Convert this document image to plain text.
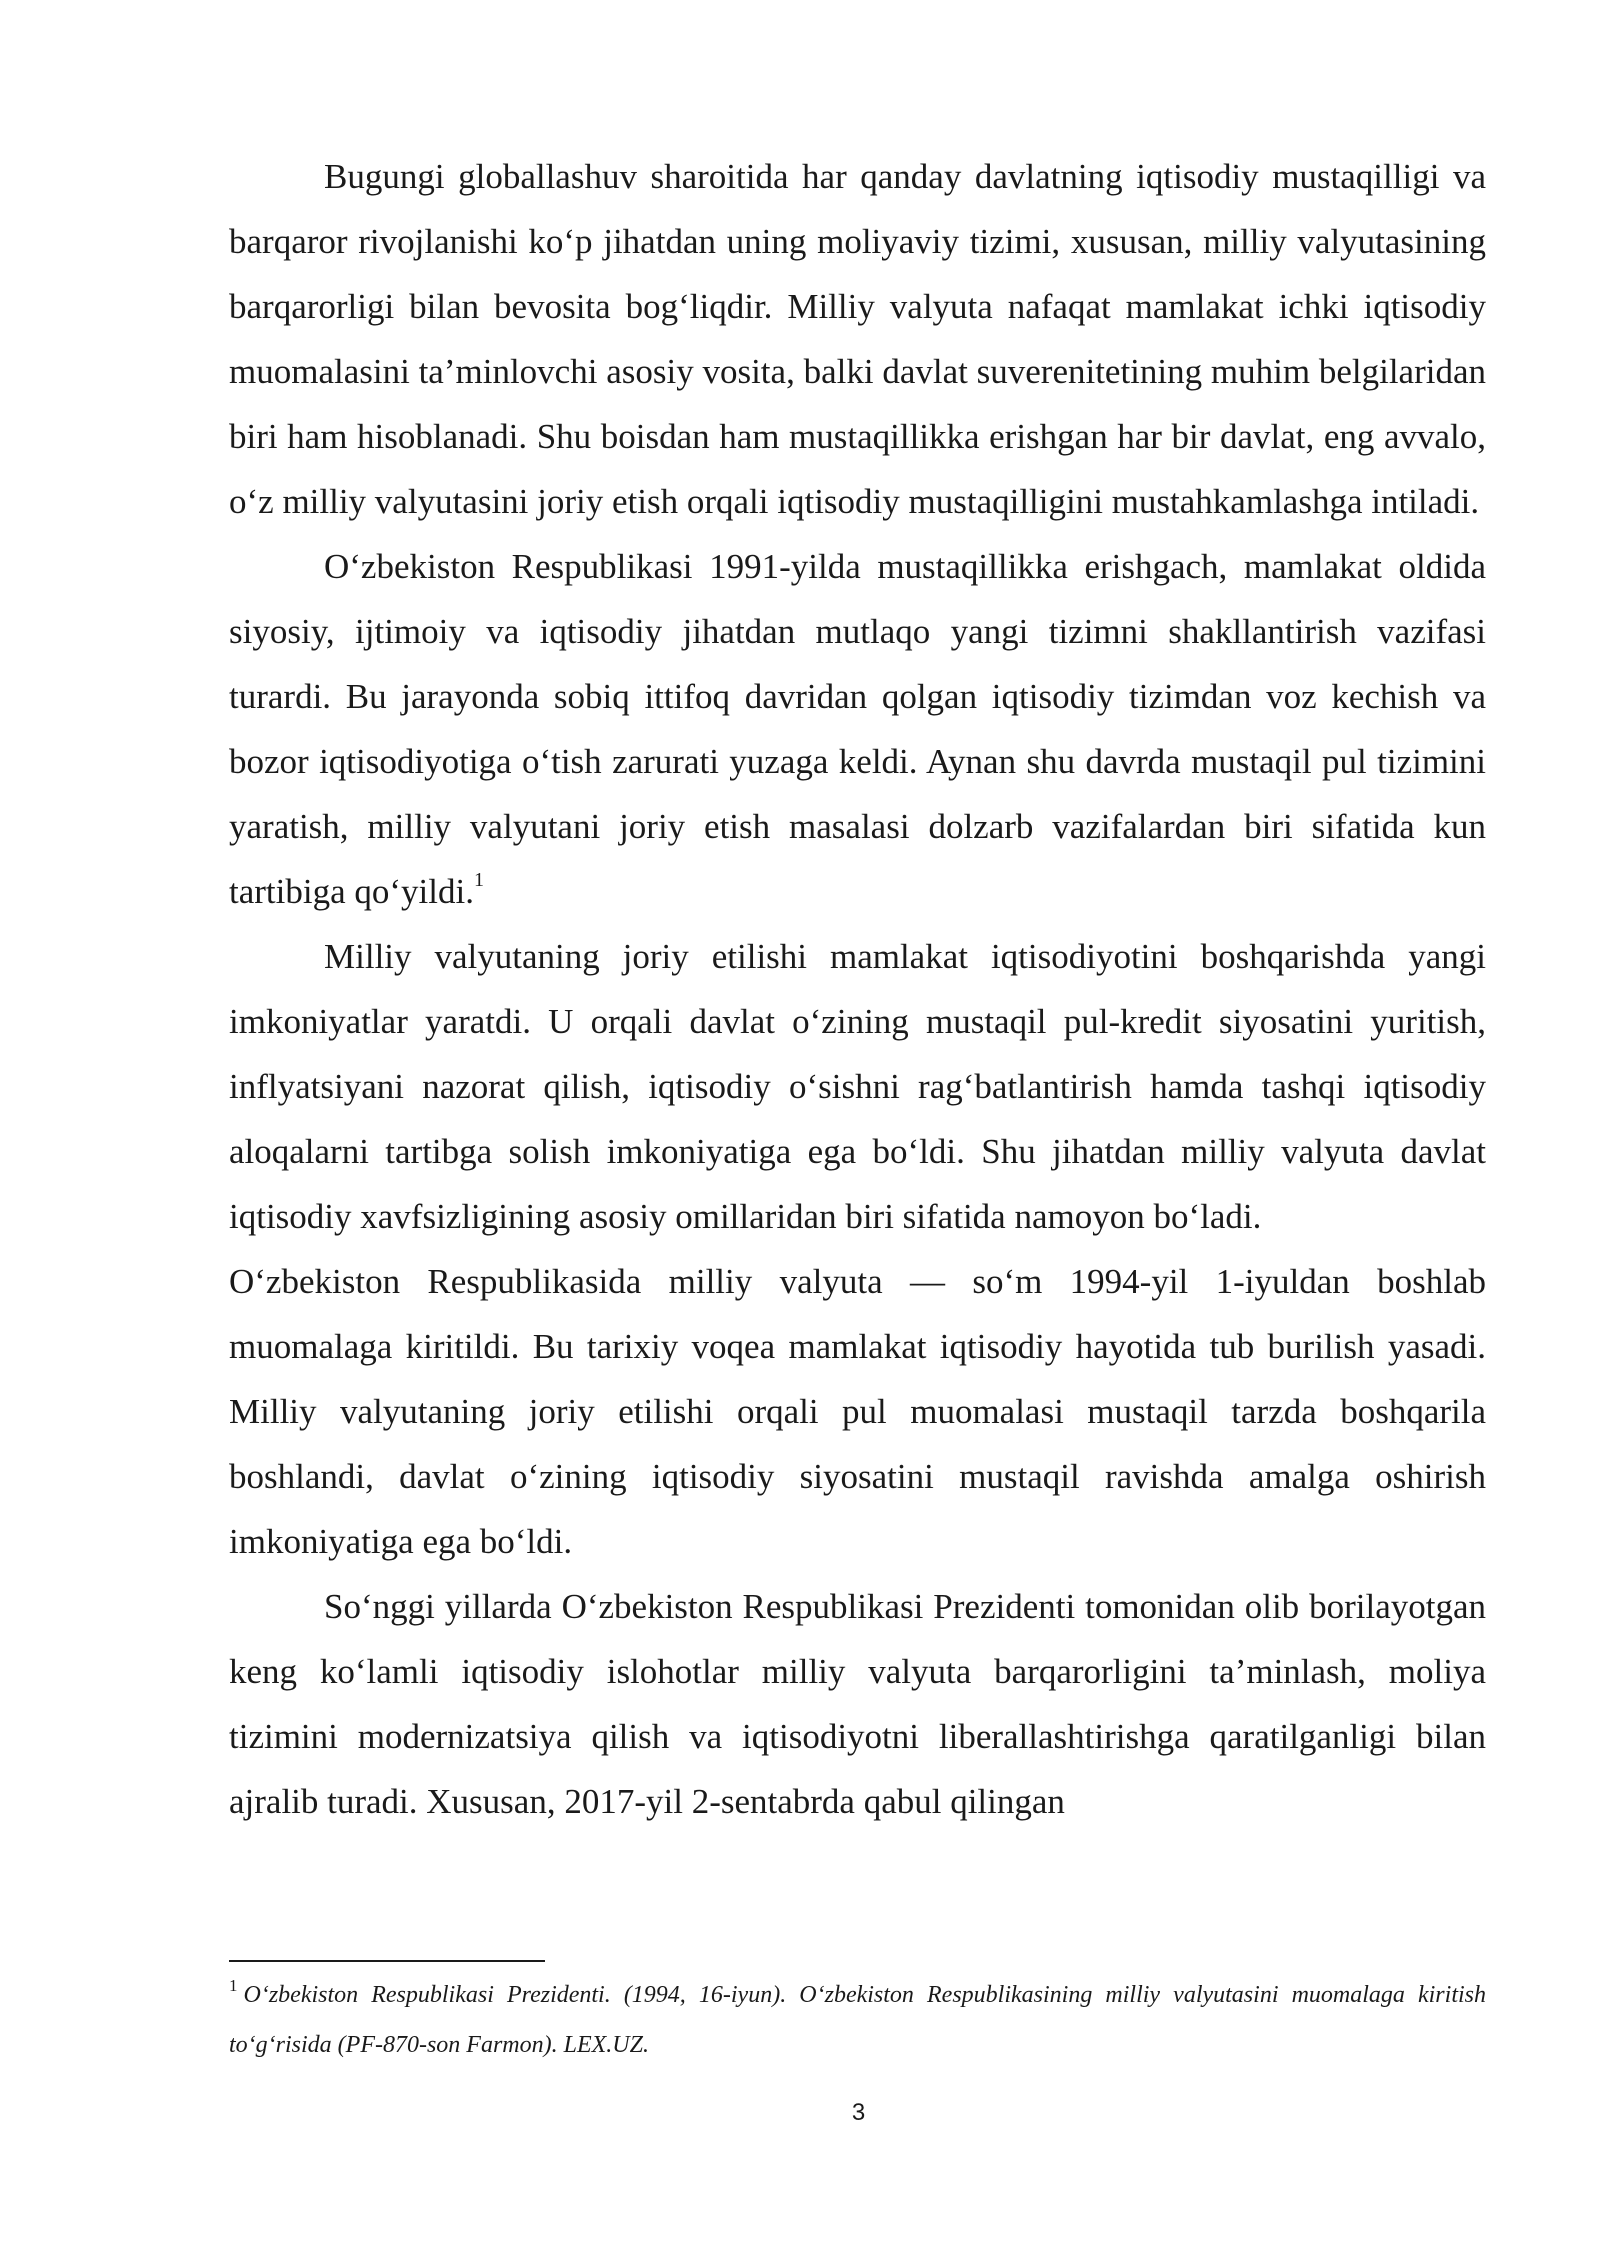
Bugungi globallashuv sharoitida har qanday davlatning iqtisodiy mustaqilligi va barqaror rivojlanishi ko‘p jihatdan uning moliyaviy tizimi, xususan, milliy valyutasining barqarorligi bilan bevosita bog‘liqdir. Milliy valyuta nafaqat mamlakat ichki iqtisodiy muomalasini ta’minlovchi asosiy vosita, balki davlat suverenitetining muhim belgilaridan biri ham hisoblanadi. Shu boisdan ham mustaqillikka erishgan har bir davlat, eng avvalo, o‘z milliy valyutasini joriy etish orqali iqtisodiy mustaqilligini mustahkamlashga intiladi.

O‘zbekiston Respublikasi 1991-yilda mustaqillikka erishgach, mamlakat oldida siyosiy, ijtimoiy va iqtisodiy jihatdan mutlaqo yangi tizimni shakllantirish vazifasi turardi. Bu jarayonda sobiq ittifoq davridan qolgan iqtisodiy tizimdan voz kechish va bozor iqtisodiyotiga o‘tish zarurati yuzaga keldi. Aynan shu davrda mustaqil pul tizimini yaratish, milliy valyutani joriy etish masalasi dolzarb vazifalardan biri sifatida kun tartibiga qo‘yildi.$^1$

Milliy valyutaning joriy etilishi mamlakat iqtisodiyotini boshqarishda yangi imkoniyatlar yaratdi. U orqali davlat o‘zining mustaqil pul-kredit siyosatini yuritish, inflyatsiyani nazorat qilish, iqtisodiy o‘sishni rag‘batlantirish hamda tashqi iqtisodiy aloqalarni tartibga solish imkoniyatiga ega bo‘ldi. Shu jihatdan milliy valyuta davlat iqtisodiy xavfsizligining asosiy omillaridan biri sifatida namoyon bo‘ladi.

O‘zbekiston Respublikasida milliy valyuta — so‘m 1994-yil 1-iyuldan boshlab muomalaga kiritildi. Bu tarixiy voqea mamlakat iqtisodiy hayotida tub burilish yasadi. Milliy valyutaning joriy etilishi orqali pul muomalasi mustaqil tarzda boshqarila boshlandi, davlat o‘zining iqtisodiy siyosatini mustaqil ravishda amalga oshirish imkoniyatiga ega bo‘ldi.

So‘nggi yillarda O‘zbekiston Respublikasi Prezidenti tomonidan olib borilayotgan keng ko‘lamli iqtisodiy islohotlar milliy valyuta barqarorligini ta’minlash, moliya tizimini modernizatsiya qilish va iqtisodiyotni liberallashtirishga qaratilganligi bilan ajralib turadi. Xususan, 2017-yil 2-sentabrda qabul qilingan

$^1$ O‘zbekiston Respublikasi Prezidenti. (1994, 16-iyun). O‘zbekiston Respublikasining milliy valyutasini muomalaga kiritish to‘g‘risida (PF-870-son Farmon). LEX.UZ.
3
